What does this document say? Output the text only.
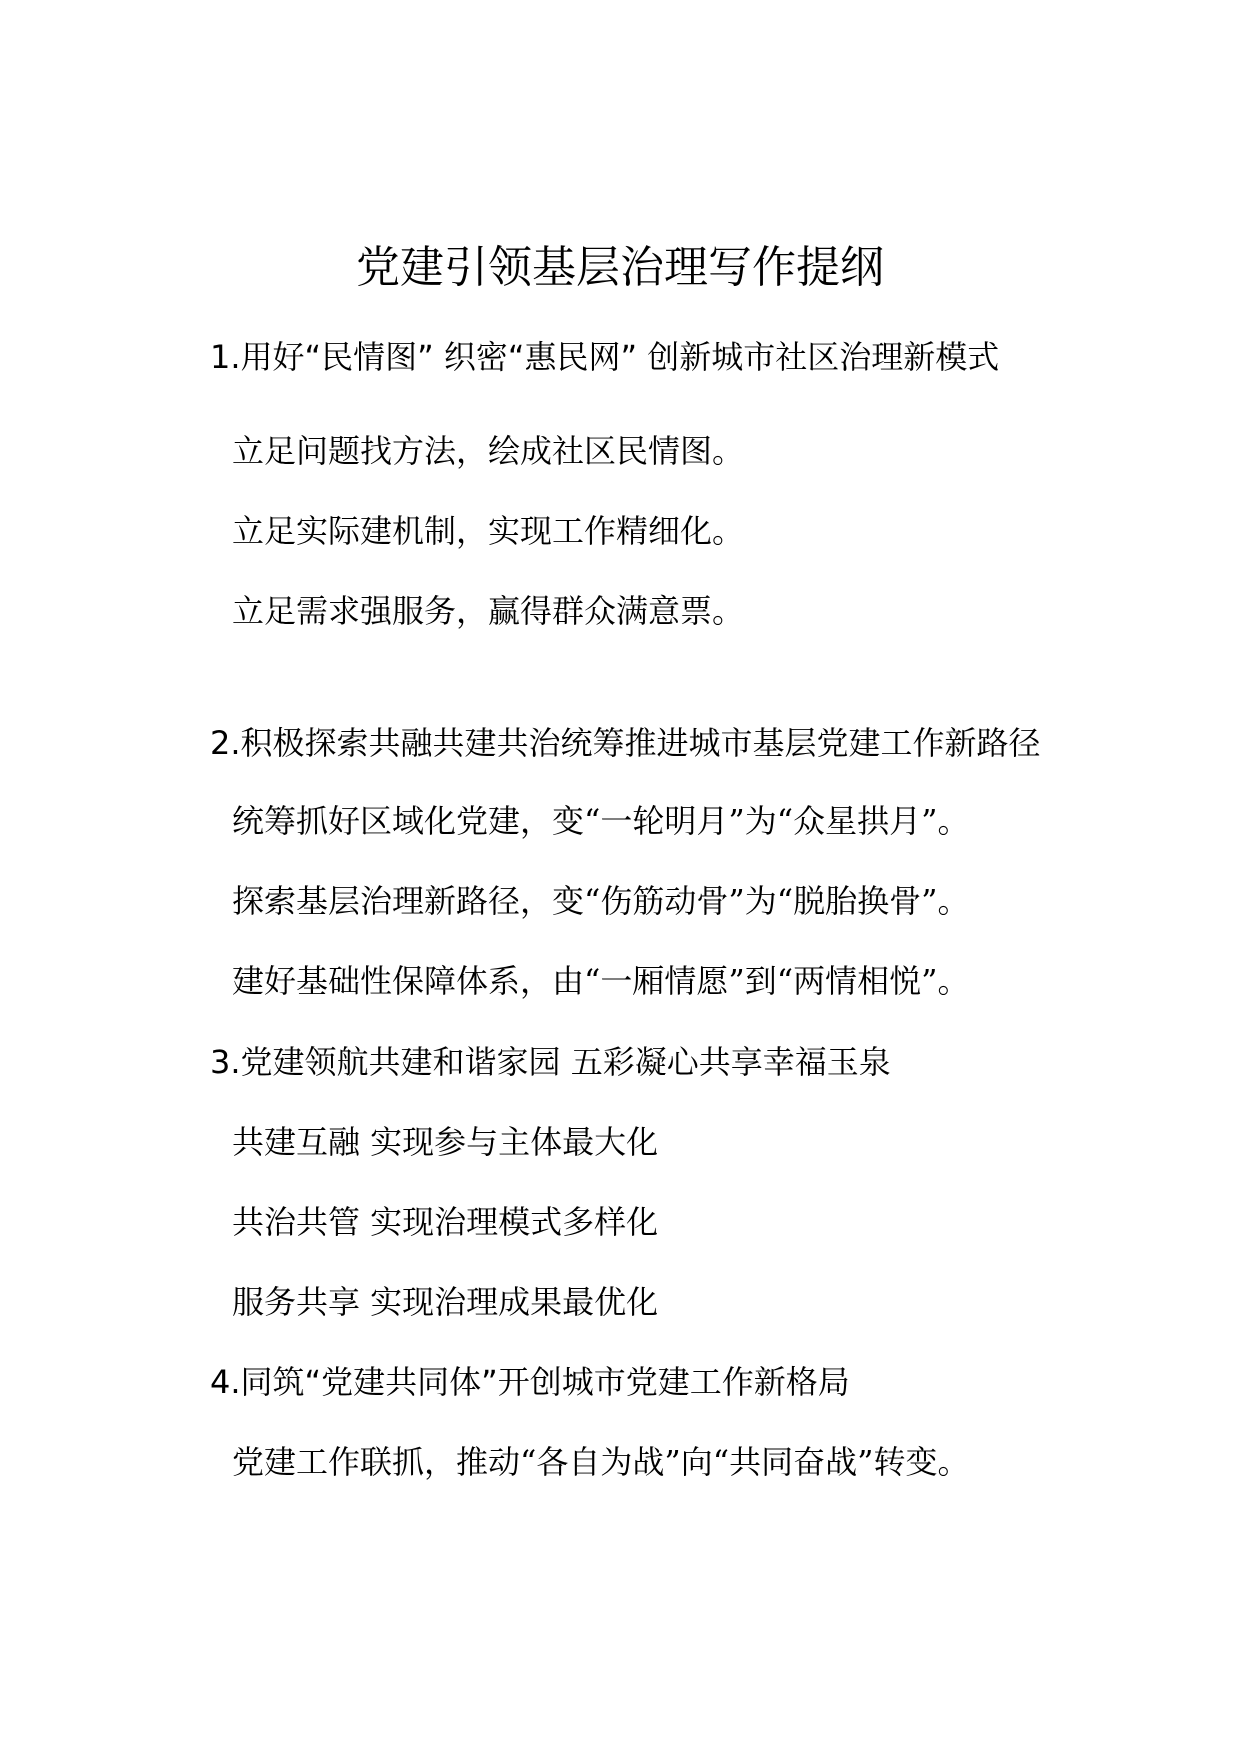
党建引领基层治理写作提纲

1.用好“民情图” 织密“惠民网” 创新城市社区治理新模式

立足问题找方法，绘成社区民情图。

立足实际建机制，实现工作精细化。

立足需求强服务，赢得群众满意票。

2.积极探索共融共建共治统筹推进城市基层党建工作新路径

统筹抓好区域化党建，变“一轮明月”为“众星拱月”。

探索基层治理新路径，变“伤筋动骨”为“脱胎换骨”。

建好基础性保障体系，由“一厢情愿”到“两情相悦”。

3.党建领航共建和谐家园 五彩凝心共享幸福玉泉

共建互融 实现参与主体最大化

共治共管 实现治理模式多样化

服务共享 实现治理成果最优化

4.同筑“党建共同体”开创城市党建工作新格局

党建工作联抓，推动“各自为战”向“共同奋战”转变。
